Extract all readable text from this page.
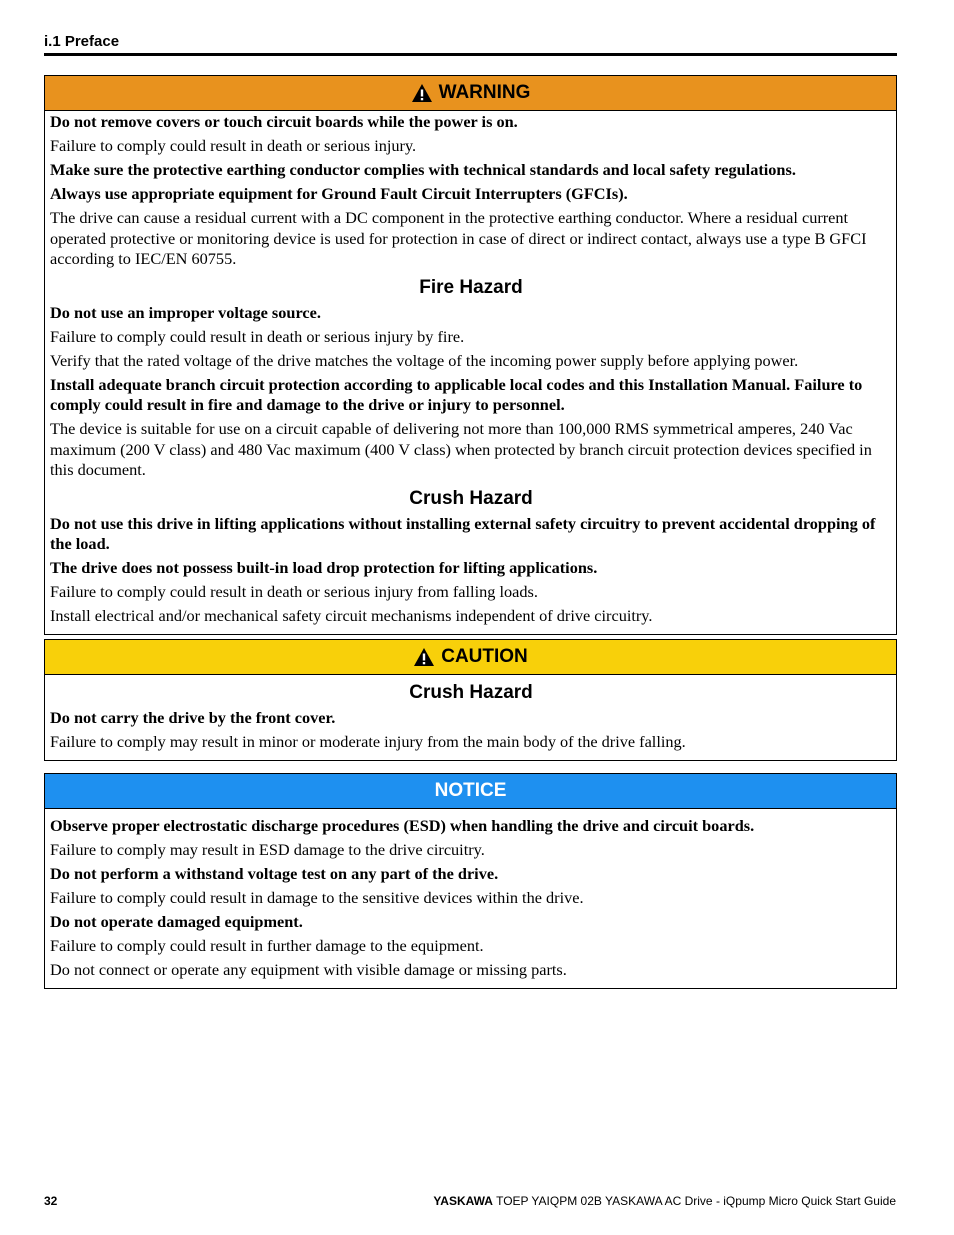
i.1 Preface
WARNING
Do not remove covers or touch circuit boards while the power is on.
Failure to comply could result in death or serious injury.
Make sure the protective earthing conductor complies with technical standards and local safety regulations.
Always use appropriate equipment for Ground Fault Circuit Interrupters (GFCIs).
The drive can cause a residual current with a DC component in the protective earthing conductor. Where a residual current operated protective or monitoring device is used for protection in case of direct or indirect contact, always use a type B GFCI according to IEC/EN 60755.
Fire Hazard
Do not use an improper voltage source.
Failure to comply could result in death or serious injury by fire.
Verify that the rated voltage of the drive matches the voltage of the incoming power supply before applying power.
Install adequate branch circuit protection according to applicable local codes and this Installation Manual. Failure to comply could result in fire and damage to the drive or injury to personnel.
The device is suitable for use on a circuit capable of delivering not more than 100,000 RMS symmetrical amperes, 240 Vac maximum (200 V class) and 480 Vac maximum (400 V class) when protected by branch circuit protection devices specified in this document.
Crush Hazard
Do not use this drive in lifting applications without installing external safety circuitry to prevent accidental dropping of the load.
The drive does not possess built-in load drop protection for lifting applications.
Failure to comply could result in death or serious injury from falling loads.
Install electrical and/or mechanical safety circuit mechanisms independent of drive circuitry.
CAUTION
Crush Hazard
Do not carry the drive by the front cover.
Failure to comply may result in minor or moderate injury from the main body of the drive falling.
NOTICE
Observe proper electrostatic discharge procedures (ESD) when handling the drive and circuit boards.
Failure to comply may result in ESD damage to the drive circuitry.
Do not perform a withstand voltage test on any part of the drive.
Failure to comply could result in damage to the sensitive devices within the drive.
Do not operate damaged equipment.
Failure to comply could result in further damage to the equipment.
Do not connect or operate any equipment with visible damage or missing parts.
32	YASKAWA TOEP YAIQPM 02B YASKAWA AC Drive - iQpump Micro Quick Start Guide
